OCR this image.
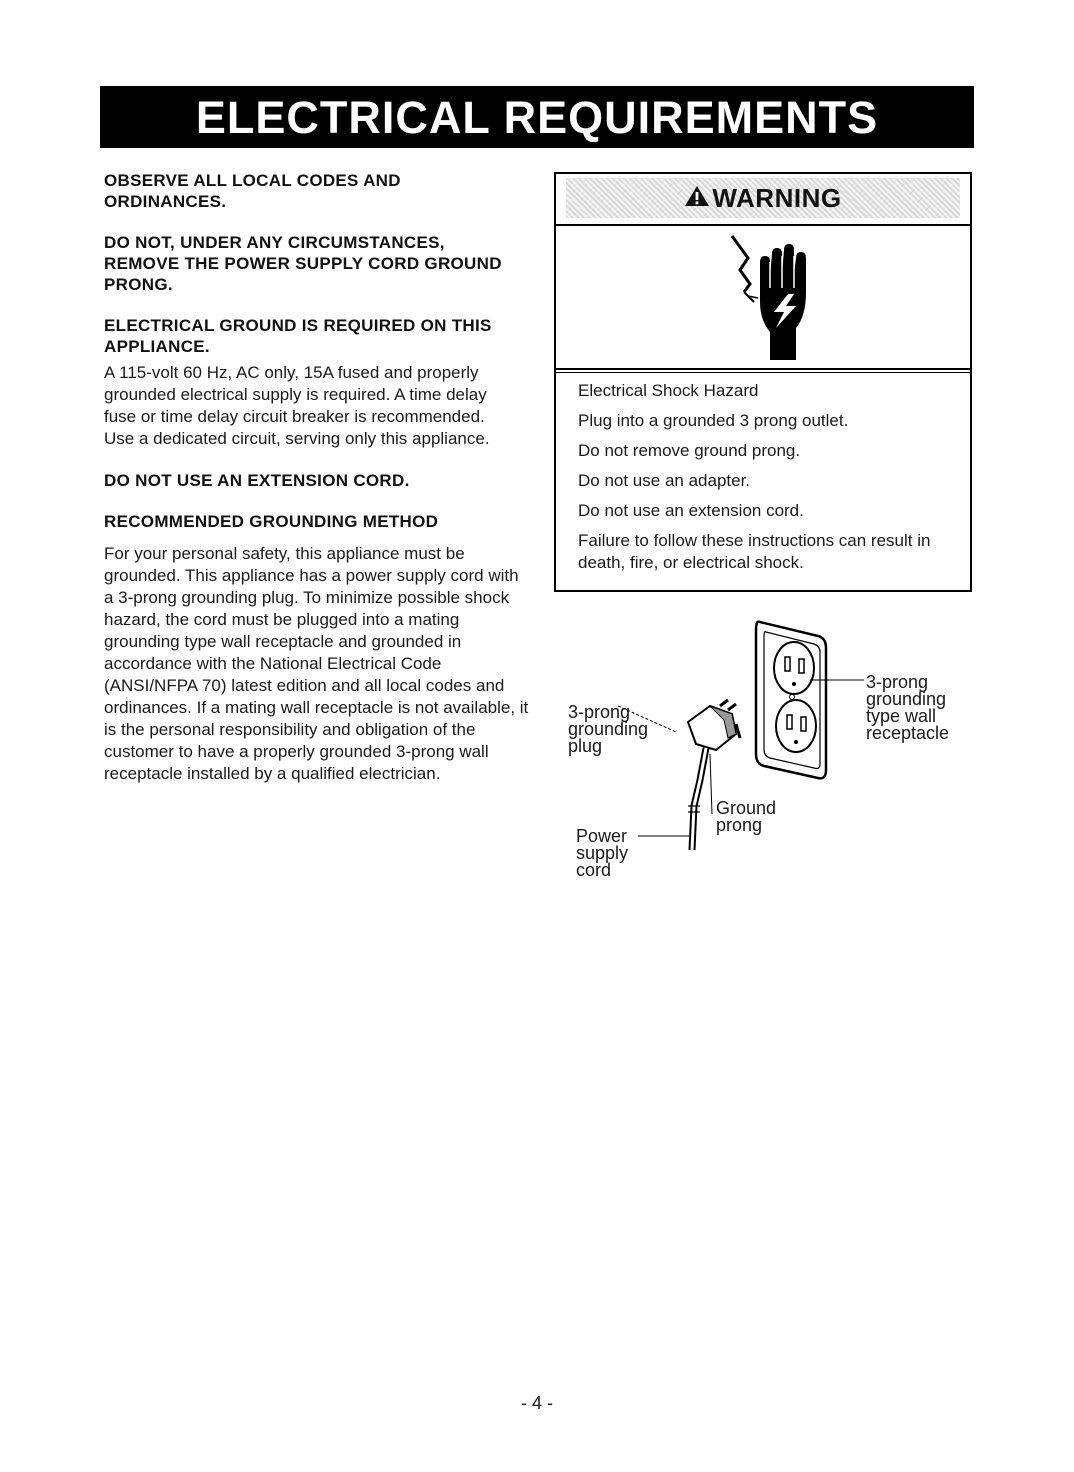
ELECTRICAL REQUIREMENTS

OBSERVE ALL LOCAL CODES AND ORDINANCES.

DO NOT, UNDER ANY CIRCUMSTANCES, REMOVE THE POWER SUPPLY CORD GROUND PRONG.

ELECTRICAL GROUND IS REQUIRED ON THIS APPLIANCE.

A 115-volt 60 Hz, AC only, 15A fused and properly grounded electrical supply is required. A time delay fuse or time delay circuit breaker is recommended. Use a dedicated circuit, serving only this appliance.

DO NOT USE AN EXTENSION CORD.

RECOMMENDED GROUNDING METHOD

For your personal safety, this appliance must be grounded. This appliance has a power supply cord with a 3-prong grounding plug. To minimize possible shock hazard, the cord must be plugged into a mating grounding type wall receptacle and grounded in accordance with the National Electrical Code (ANSI/NFPA 70) latest edition and all local codes and ordinances. If a mating wall receptacle is not available, it is the personal responsibility and obligation of the customer to have a properly grounded 3-prong wall receptacle installed by a qualified electrician.

WARNING
Electrical Shock Hazard
Plug into a grounded 3 prong outlet.
Do not remove ground prong.
Do not use an adapter.
Do not use an extension cord.
Failure to follow these instructions can result in death, fire, or electrical shock.
3-prong
grounding
plug
3-prong
grounding
type wall
receptacle
Ground
prong
Power
supply
cord
- 4 -
